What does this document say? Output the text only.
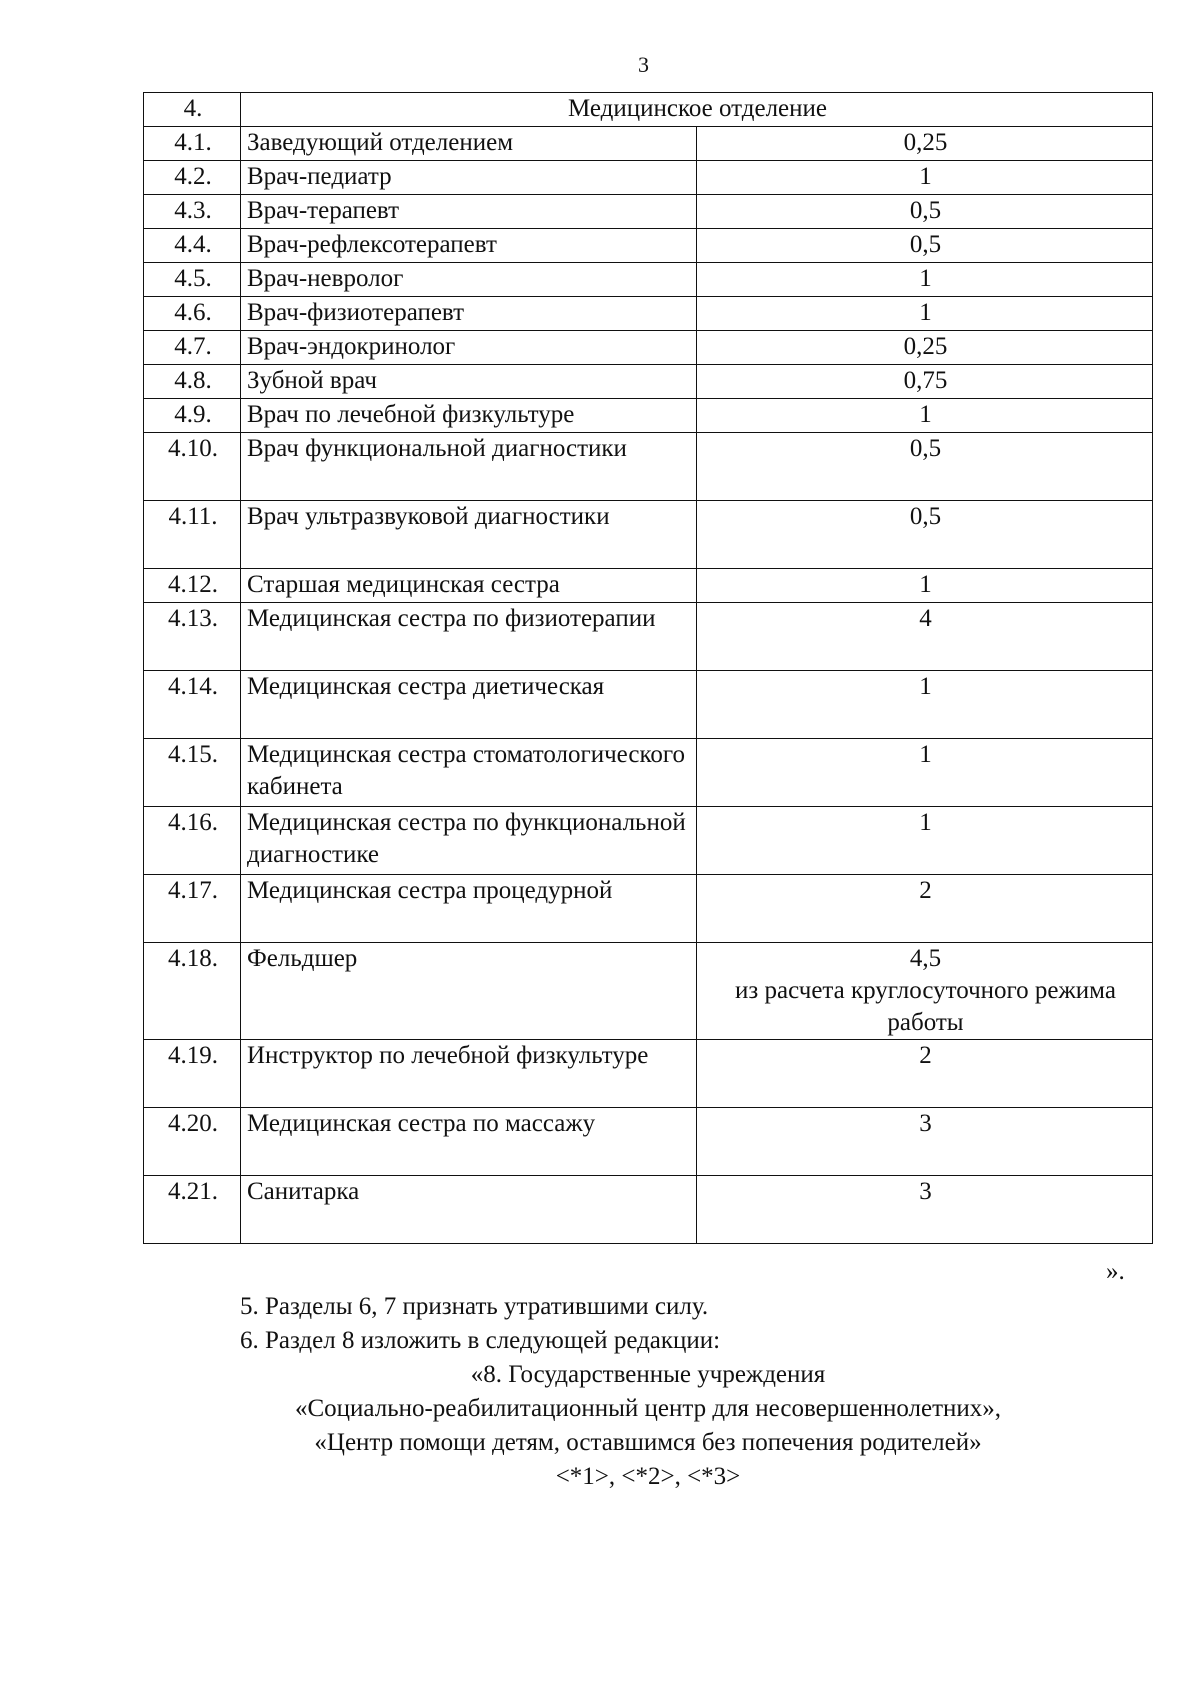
3
4.	Медицинское отделение	
4.1.	Заведующий отделением	0,25
4.2.	Врач-педиатр	1
4.3.	Врач-терапевт	0,5
4.4.	Врач-рефлексотерапевт	0,5
4.5.	Врач-невролог	1
4.6.	Врач-физиотерапевт	1
4.7.	Врач-эндокринолог	0,25
4.8.	Зубной врач	0,75
4.9.	Врач по лечебной физкультуре	1
4.10.	Врач функциональной диагностики	0,5
4.11.	Врач ультразвуковой диагностики	0,5
4.12.	Старшая медицинская сестра	1
4.13.	Медицинская сестра по физиотерапии	4
4.14.	Медицинская сестра диетическая	1
4.15.	Медицинская сестра стоматологического кабинета	1
4.16.	Медицинская сестра по функциональной диагностике	1
4.17.	Медицинская сестра процедурной	2
4.18.	Фельдшер	4,5
из расчета круглосуточного режима работы

4.19.	Инструктор по лечебной физкультуре	2
4.20.	Медицинская сестра по массажу	3
4.21.	Санитарка	3
».
5. Разделы 6, 7 признать утратившими силу.
6. Раздел 8 изложить в следующей редакции:
«8. Государственные учреждения
«Социально-реабилитационный центр для несовершеннолетних»,
«Центр помощи детям, оставшимся без попечения родителей»
<*1>, <*2>, <*3>
